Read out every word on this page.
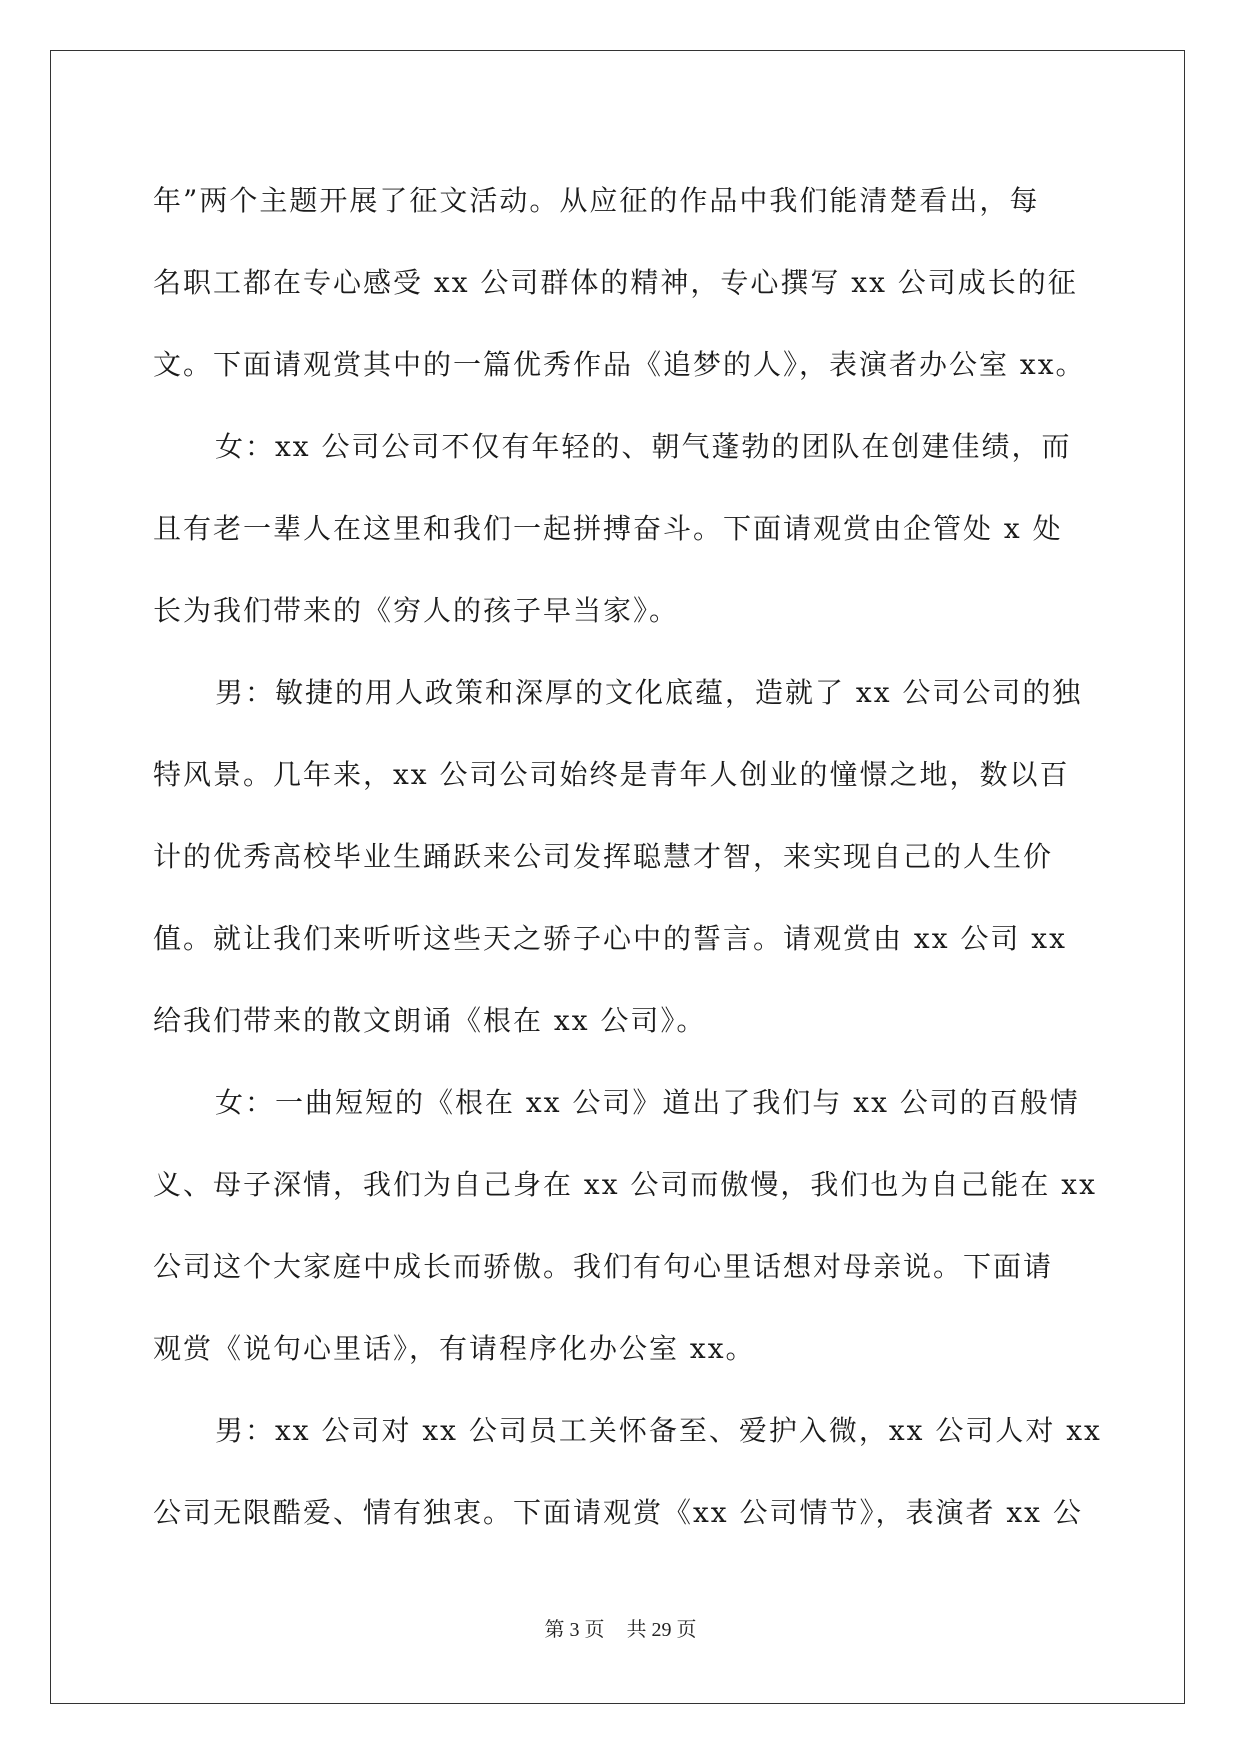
年”两个主题开展了征文活动。从应征的作品中我们能清楚看出，每
名职工都在专心感受 xx 公司群体的精神，专心撰写 xx 公司成长的征
文。下面请观赏其中的一篇优秀作品《追梦的人》，表演者办公室 xx。

女：xx 公司公司不仅有年轻的、朝气蓬勃的团队在创建佳绩，而
且有老一辈人在这里和我们一起拼搏奋斗。下面请观赏由企管处 x 处
长为我们带来的《穷人的孩子早当家》。

男：敏捷的用人政策和深厚的文化底蕴，造就了 xx 公司公司的独
特风景。几年来，xx 公司公司始终是青年人创业的憧憬之地，数以百
计的优秀高校毕业生踊跃来公司发挥聪慧才智，来实现自己的人生价
值。就让我们来听听这些天之骄子心中的誓言。请观赏由 xx 公司 xx
给我们带来的散文朗诵《根在 xx 公司》。

女：一曲短短的《根在 xx 公司》道出了我们与 xx 公司的百般情
义、母子深情，我们为自己身在 xx 公司而傲慢，我们也为自己能在 xx
公司这个大家庭中成长而骄傲。我们有句心里话想对母亲说。下面请
观赏《说句心里话》，有请程序化办公室 xx。

男：xx 公司对 xx 公司员工关怀备至、爱护入微，xx 公司人对 xx
公司无限酷爱、情有独衷。下面请观赏《xx 公司情节》，表演者 xx 公

第 3 页 共 29 页
